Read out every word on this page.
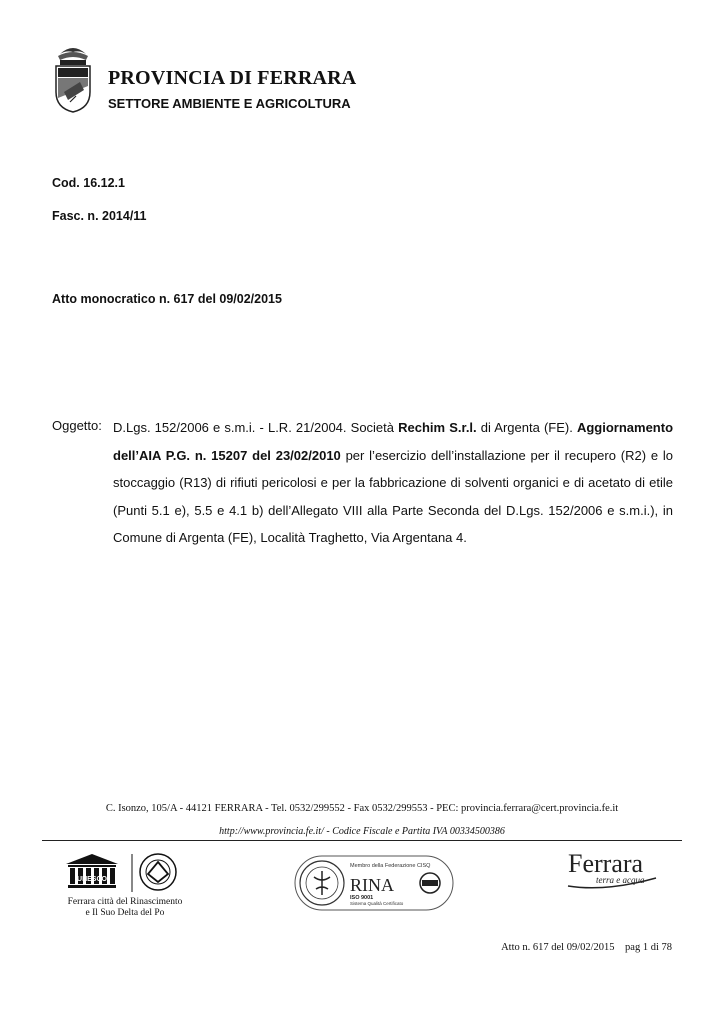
PROVINCIA DI FERRARA
SETTORE AMBIENTE E AGRICOLTURA
Cod. 16.12.1
Fasc. n. 2014/11
Atto monocratico n. 617 del 09/02/2015
Oggetto: D.Lgs. 152/2006 e s.m.i. - L.R. 21/2004. Società Rechim S.r.l. di Argenta (FE). Aggiornamento dell’AIA P.G. n. 15207 del 23/02/2010 per l’esercizio dell’installazione per il recupero (R2) e lo stoccaggio (R13) di rifiuti pericolosi e per la fabbricazione di solventi organici e di acetato di etile (Punti 5.1 e), 5.5 e 4.1 b) dell’Allegato VIII alla Parte Seconda del D.Lgs. 152/2006 e s.m.i.), in Comune di Argenta (FE), Località Traghetto, Via Argentana 4.
C. Isonzo, 105/A - 44121 FERRARA - Tel. 0532/299552 - Fax 0532/299553 - PEC: provincia.ferrara@cert.provincia.fe.it
http://www.provincia.fe.it/ - Codice Fiscale e Partita IVA 00334500386
UNESCO
Ferrara città del Rinascimento
e Il Suo Delta del Po
Membro della Federazione CISQ
RINA
ISO 9001
Sistema Qualità Certificato
Ferrara
terra e acqua
Atto n. 617 del 09/02/2015    pag 1 di 78
